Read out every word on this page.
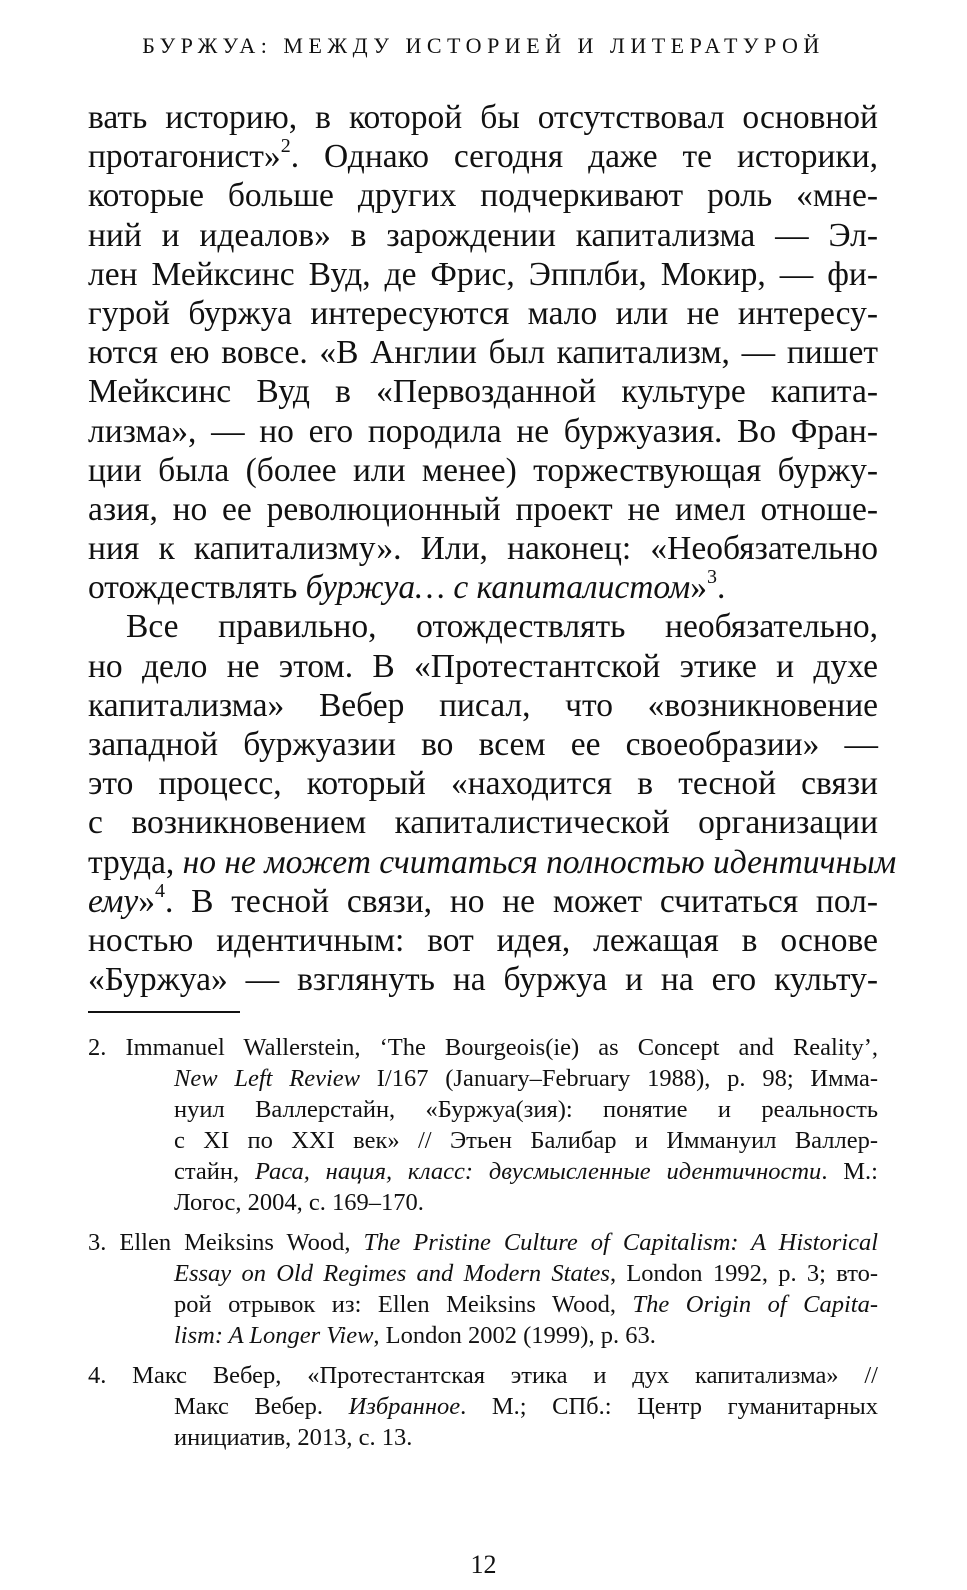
БУРЖУА: МЕЖДУ ИСТОРИЕЙ И ЛИТЕРАТУРОЙ
вать историю, в которой бы отсутствовал основной
протагонист»$^2$. Однако сегодня даже те историки,
которые больше других подчеркивают роль «мне-
ний и идеалов» в зарождении капитализма — Эл-
лен Мейксинс Вуд, де Фрис, Эпплби, Мокир, — фи-
гурой буржуа интересуются мало или не интересу-
ются ею вовсе. «В Англии был капитализм, — пишет
Мейксинс Вуд в «Первозданной культуре капита-
лизма», — но его породила не буржуазия. Во Фран-
ции была (более или менее) торжествующая буржу-
азия, но ее революционный проект не имел отноше-
ния к капитализму». Или, наконец: «Необязательно
отождествлять буржуа… с капиталистом»$^3$.
Все правильно, отождествлять необязательно,
но дело не этом. В «Протестантской этике и духе
капитализма» Вебер писал, что «возникновение
западной буржуазии во всем ее своеобразии» —
это процесс, который «находится в тесной связи
с возникновением капиталистической организации
труда, но не может считаться полностью идентичным
ему»$^4$. В тесной связи, но не может считаться пол-
ностью идентичным: вот идея, лежащая в основе
«Буржуа» — взглянуть на буржуа и на его культу-
2. Immanuel Wallerstein, ‘The Bourgeois(ie) as Concept and Reality’,
New Left Review I/167 (January–February 1988), p. 98; Имма-
нуил Валлерстайн, «Буржуа(зия): понятие и реальность
с XI по XXI век» // Этьен Балибар и Иммануил Валлер-
стайн, Раса, нация, класс: двусмысленные идентичности. М.:
Логос, 2004, с. 169–170.
3. Ellen Meiksins Wood, The Pristine Culture of Capitalism: A Historical
Essay on Old Regimes and Modern States, London 1992, p. 3; вто-
рой отрывок из: Ellen Meiksins Wood, The Origin of Capita-
lism: A Longer View, London 2002 (1999), p. 63.
4. Макс Вебер, «Протестантская этика и дух капитализма» //
Макс Вебер. Избранное. М.; СПб.: Центр гуманитарных
инициатив, 2013, с. 13.
12
